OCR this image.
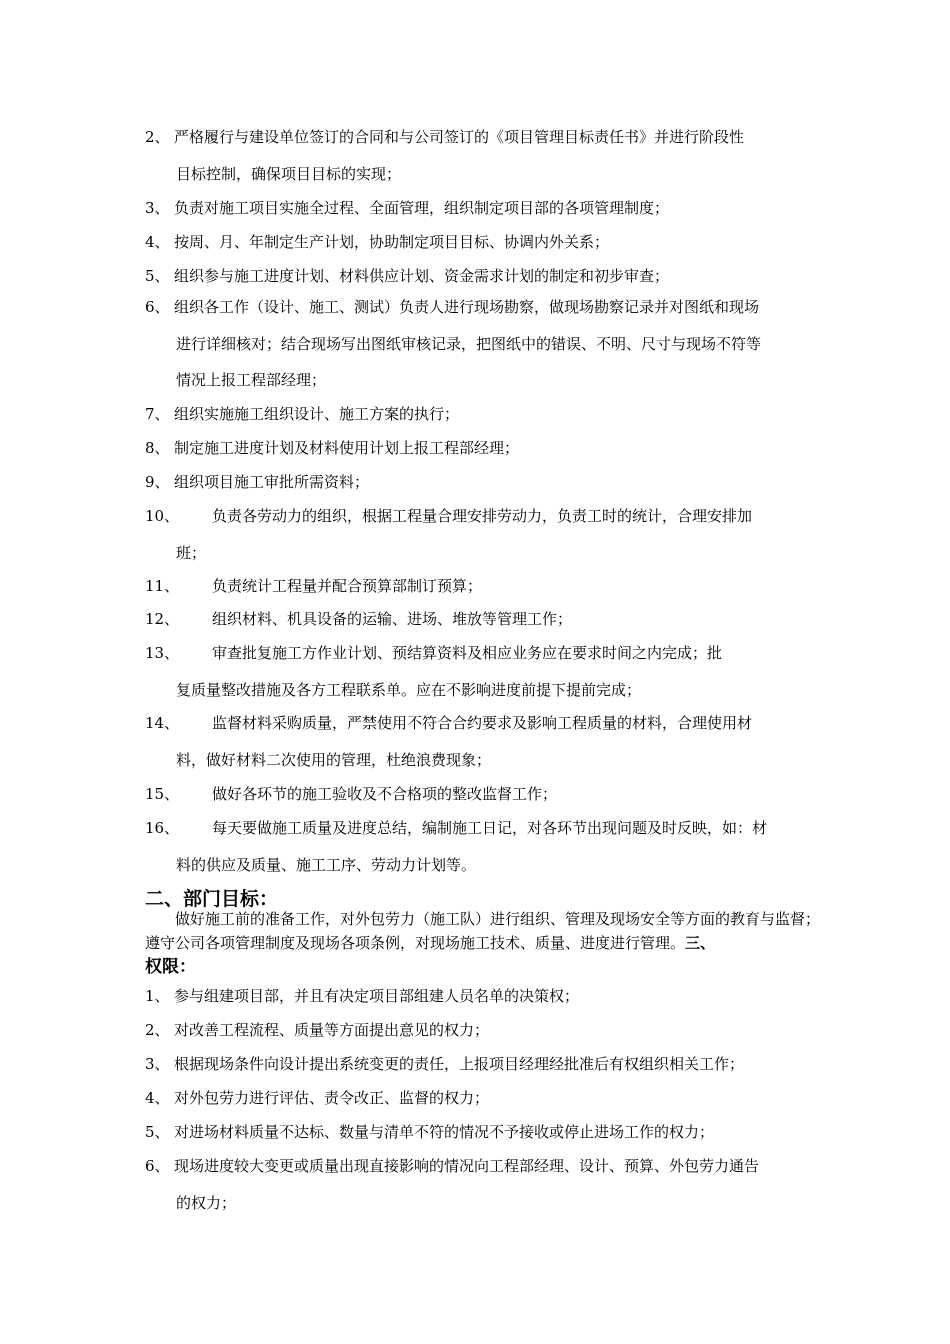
2、 严格履行与建设单位签订的合同和与公司签订的《项目管理目标责任书》并进行阶段性
目标控制，确保项目目标的实现；
3、 负责对施工项目实施全过程、全面管理，组织制定项目部的各项管理制度；
4、 按周、月、年制定生产计划，协助制定项目目标、协调内外关系；
5、 组织参与施工进度计划、材料供应计划、资金需求计划的制定和初步审查；
6、 组织各工作（设计、施工、测试）负责人进行现场勘察，做现场勘察记录并对图纸和现场
进行详细核对；结合现场写出图纸审核记录，把图纸中的错误、不明、尺寸与现场不符等
情况上报工程部经理；
7、 组织实施施工组织设计、施工方案的执行；
8、 制定施工进度计划及材料使用计划上报工程部经理；
9、 组织项目施工审批所需资料；
10、 负责各劳动力的组织，根据工程量合理安排劳动力，负责工时的统计，合理安排加
班；
11、 负责统计工程量并配合预算部制订预算；
12、 组织材料、机具设备的运输、进场、堆放等管理工作；
13、 审查批复施工方作业计划、预结算资料及相应业务应在要求时间之内完成；批
复质量整改措施及各方工程联系单。应在不影响进度前提下提前完成；
14、 监督材料采购质量，严禁使用不符合合约要求及影响工程质量的材料，合理使用材
料，做好材料二次使用的管理，杜绝浪费现象；
15、 做好各环节的施工验收及不合格项的整改监督工作；
16、 每天要做施工质量及进度总结，编制施工日记，对各环节出现问题及时反映，如：材
料的供应及质量、施工工序、劳动力计划等。
二、部门目标：
做好施工前的准备工作，对外包劳力（施工队）进行组织、管理及现场安全等方面的教育与监督；遵守公司各项管理制度及现场各项条例，对现场施工技术、质量、进度进行管理。三、
权限：
1、 参与组建项目部，并且有决定项目部组建人员名单的决策权；
2、 对改善工程流程、质量等方面提出意见的权力；
3、 根据现场条件向设计提出系统变更的责任，上报项目经理经批准后有权组织相关工作；
4、 对外包劳力进行评估、责令改正、监督的权力；
5、 对进场材料质量不达标、数量与清单不符的情况不予接收或停止进场工作的权力；
6、 现场进度较大变更或质量出现直接影响的情况向工程部经理、设计、预算、外包劳力通告
的权力；
